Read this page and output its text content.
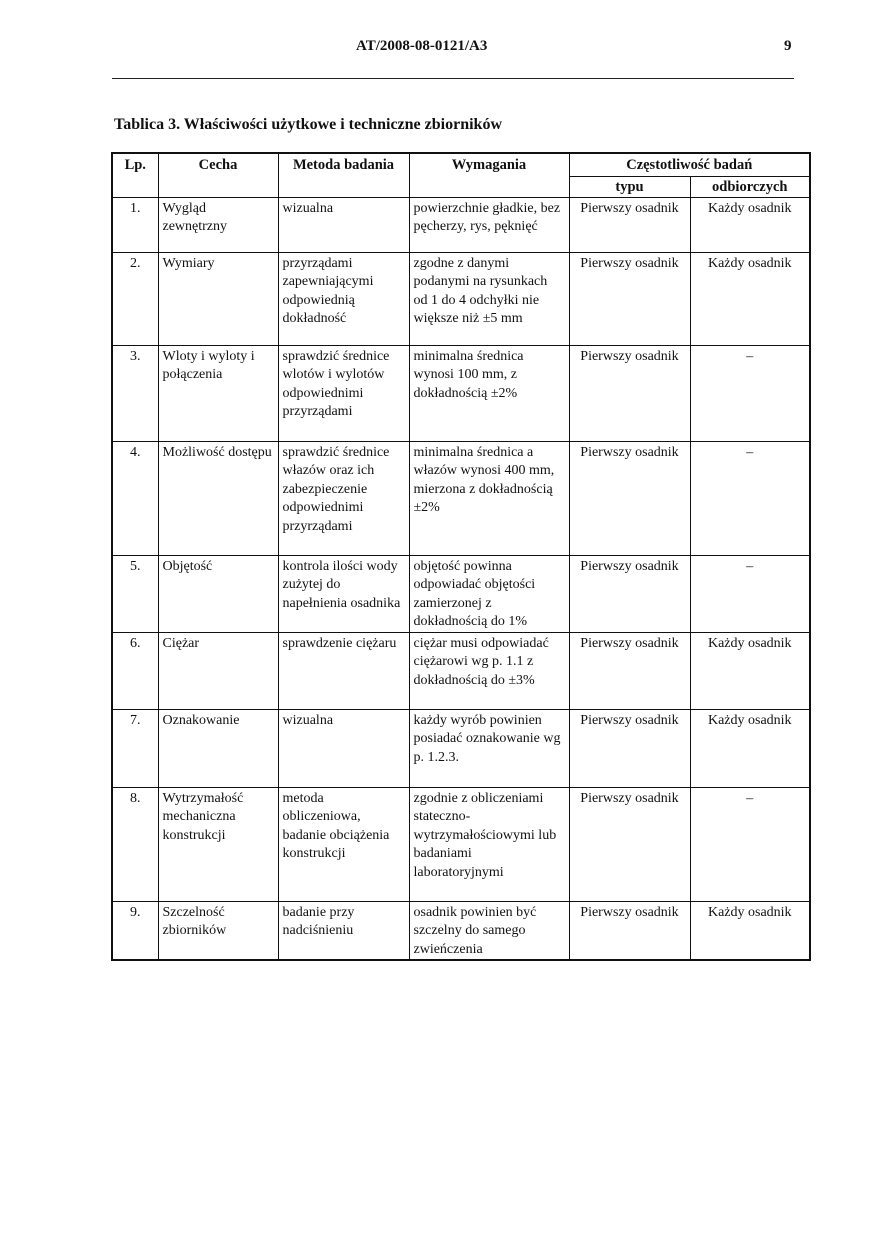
AT/2008-08-0121/A3	9
Tablica 3. Właściwości użytkowe i techniczne zbiorników
Lp.	Cecha	Metoda badania	Wymagania	Częstotliwość badań	
				typu	odbiorczych
1.	Wygląd zewnętrzny	wizualna	powierzchnie gładkie, bez pęcherzy, rys, pęknięć	Pierwszy osadnik	Każdy osadnik
2.	Wymiary	przyrządami zapewniającymi odpowiednią dokładność	zgodne z danymi podanymi na rysunkach od 1 do 4 odchyłki nie większe niż ±5 mm	Pierwszy osadnik	Każdy osadnik
3.	Wloty i wyloty i połączenia	sprawdzić średnice wlotów i wylotów odpowiednimi przyrządami	minimalna średnica wynosi 100 mm, z dokładnością ±2%	Pierwszy osadnik	–
4.	Możliwość dostępu	sprawdzić średnice włazów oraz ich zabezpieczenie odpowiednimi przyrządami	minimalna średnica a włazów wynosi 400 mm, mierzona z dokładnością ±2%	Pierwszy osadnik	–
5.	Objętość	kontrola ilości wody zużytej do napełnienia osadnika	objętość powinna odpowiadać objętości zamierzonej z dokładnością do 1%	Pierwszy osadnik	–
6.	Ciężar	sprawdzenie ciężaru	ciężar musi odpowiadać ciężarowi wg p. 1.1 z dokładnością do ±3%	Pierwszy osadnik	Każdy osadnik
7.	Oznakowanie	wizualna	każdy wyrób powinien posiadać oznakowanie wg p. 1.2.3.	Pierwszy osadnik	Każdy osadnik
8.	Wytrzymałość mechaniczna konstrukcji	metoda obliczeniowa, badanie obciążenia konstrukcji	zgodnie z obliczeniami stateczno-wytrzymałościowymi lub badaniami laboratoryjnymi	Pierwszy osadnik	–
9.	Szczelność zbiorników	badanie przy nadciśnieniu	osadnik powinien być szczelny do samego zwieńczenia	Pierwszy osadnik	Każdy osadnik
